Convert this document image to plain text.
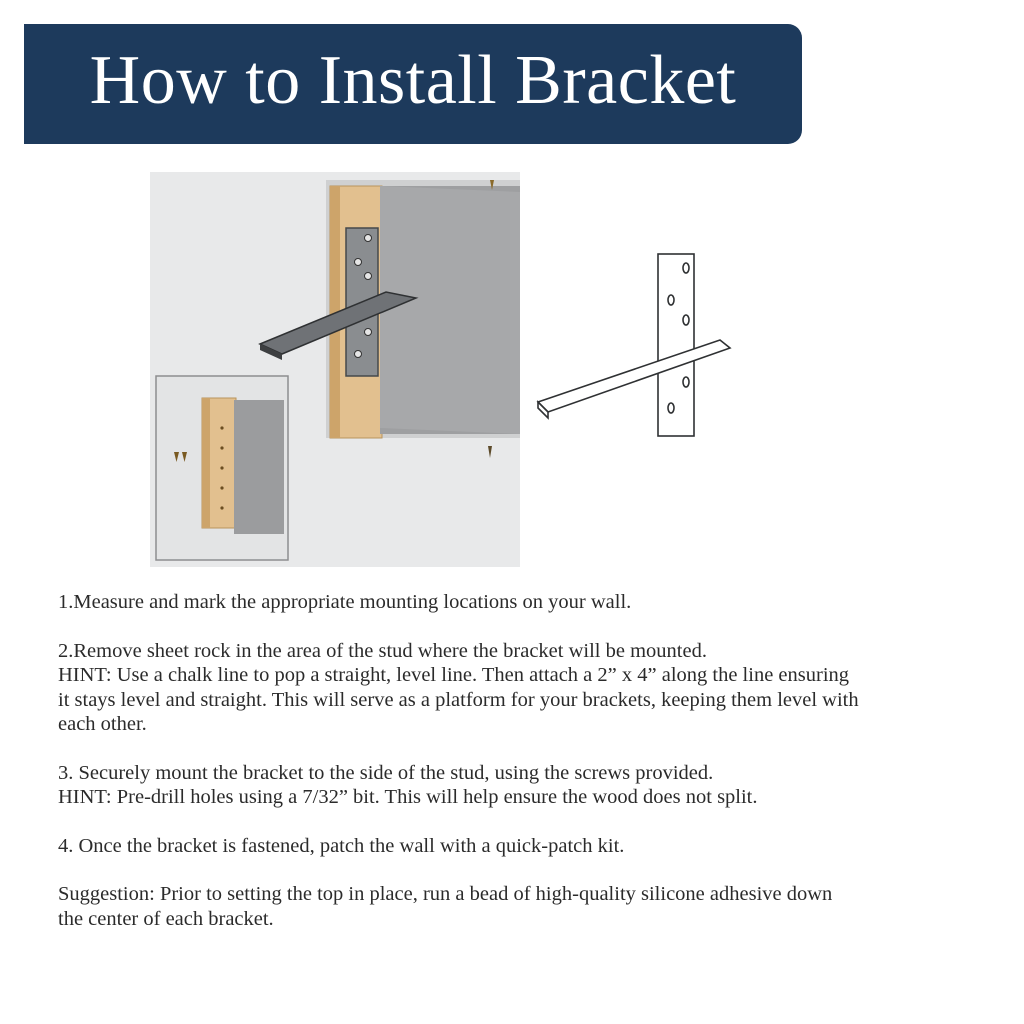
How to Install Bracket
1.Measure and mark the appropriate mounting locations on your wall.
2.Remove sheet rock in the area of the stud where the bracket will be mounted.
HINT: Use a chalk line to pop a straight, level line. Then attach a 2” x 4” along the line ensuring
it stays level and straight. This will serve as a platform for your brackets, keeping them level with
each other.
3. Securely mount the bracket to the side of the stud, using the screws provided.
HINT: Pre-drill holes using a 7/32” bit. This will help ensure the wood does not split.
4. Once the bracket is fastened, patch the wall with a quick-patch kit.
Suggestion: Prior to setting the top in place, run a bead of high-quality silicone adhesive down
the center of each bracket.
